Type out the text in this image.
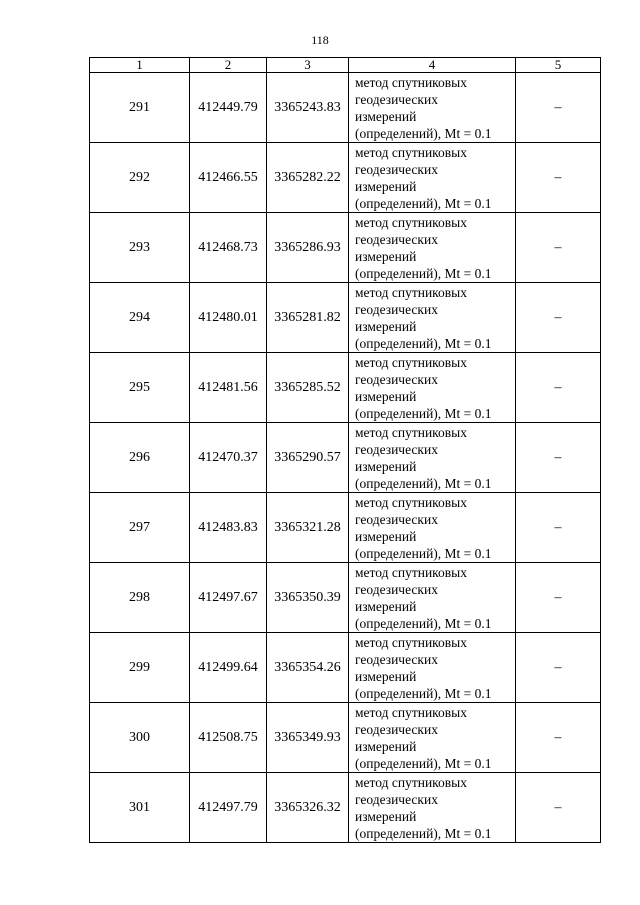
118
1	2	3	4	5
291	412449.79	3365243.83	метод спутниковых
геодезических
измерений
(определений), Mt = 0.1	–
292	412466.55	3365282.22	метод спутниковых
геодезических
измерений
(определений), Mt = 0.1	–
293	412468.73	3365286.93	метод спутниковых
геодезических
измерений
(определений), Mt = 0.1	–
294	412480.01	3365281.82	метод спутниковых
геодезических
измерений
(определений), Mt = 0.1	–
295	412481.56	3365285.52	метод спутниковых
геодезических
измерений
(определений), Mt = 0.1	–
296	412470.37	3365290.57	метод спутниковых
геодезических
измерений
(определений), Mt = 0.1	–
297	412483.83	3365321.28	метод спутниковых
геодезических
измерений
(определений), Mt = 0.1	–
298	412497.67	3365350.39	метод спутниковых
геодезических
измерений
(определений), Mt = 0.1	–
299	412499.64	3365354.26	метод спутниковых
геодезических
измерений
(определений), Mt = 0.1	–
300	412508.75	3365349.93	метод спутниковых
геодезических
измерений
(определений), Mt = 0.1	–
301	412497.79	3365326.32	метод спутниковых
геодезических
измерений
(определений), Mt = 0.1	–
